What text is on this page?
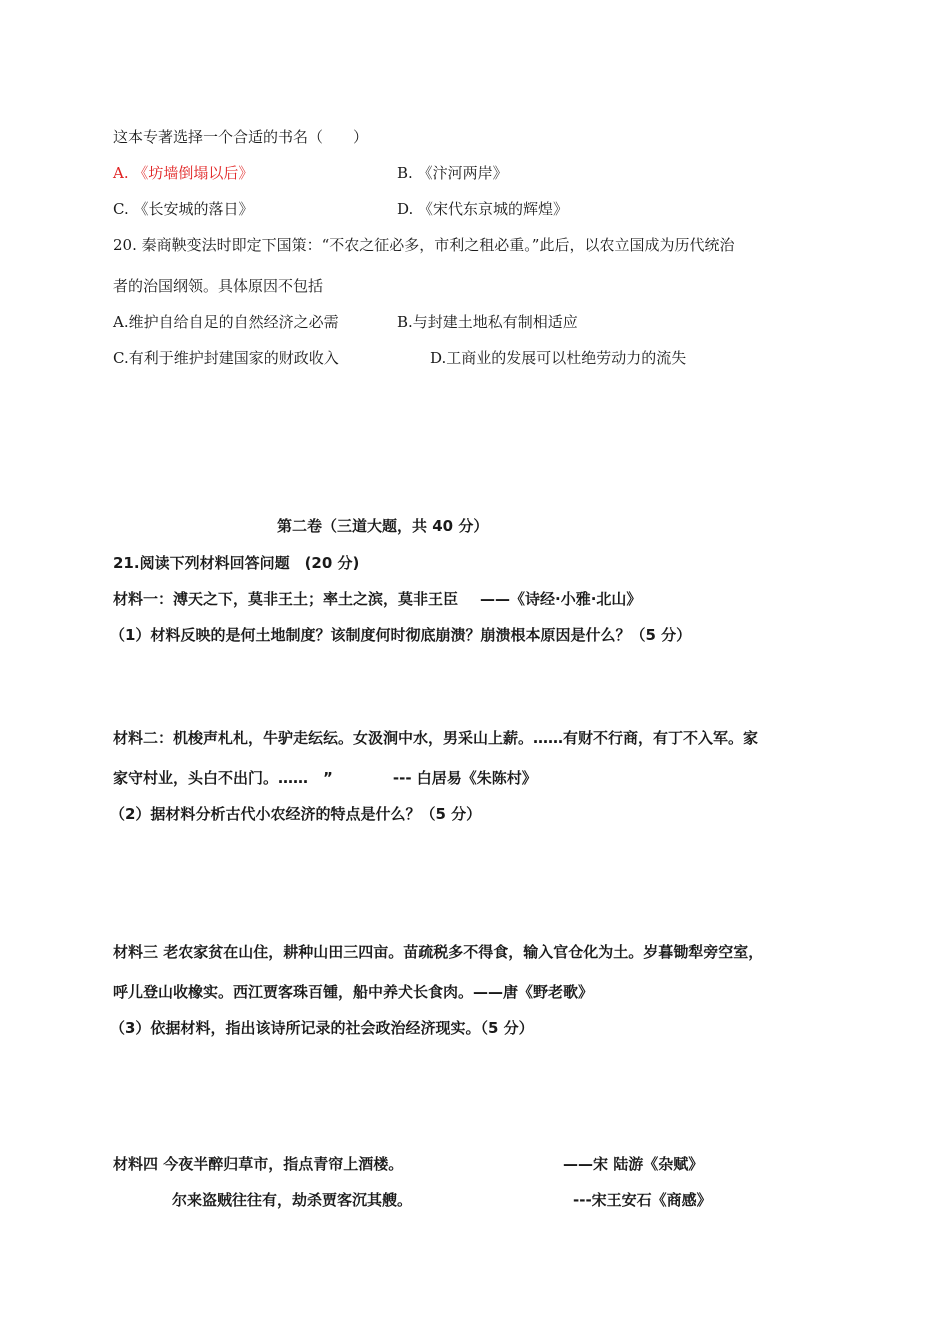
这本专著选择一个合适的书名（　　）
A. 《坊墙倒塌以后》	B. 《汴河两岸》
C. 《长安城的落日》	D. 《宋代东京城的辉煌》
20. 秦商鞅变法时即定下国策：“不农之征必多，市利之租必重。”此后，以农立国成为历代统治
者的治国纲领。具体原因不包括
A.维护自给自足的自然经济之必需	B.与封建土地私有制相适应
C.有利于维护封建国家的财政收入	D.工商业的发展可以杜绝劳动力的流失
第二卷（三道大题，共 40 分）
21.阅读下列材料回答问题　(20 分)
材料一：溥天之下，莫非王土；率土之滨，莫非王臣 ——《诗经·小雅·北山》
（1）材料反映的是何土地制度？该制度何时彻底崩溃？崩溃根本原因是什么？（5 分）
材料二：机梭声札札，牛驴走纭纭。女汲涧中水，男采山上薪。……有财不行商，有丁不入军。家
家守村业，头白不出门。……　”	--- 白居易《朱陈村》
（2）据材料分析古代小农经济的特点是什么？（5 分）
材料三 老农家贫在山住，耕种山田三四亩。苗疏税多不得食，输入官仓化为土。岁暮锄犁旁空室，
呼儿登山收橡实。西江贾客珠百锺，船中养犬长食肉。——唐《野老歌》
（3）依据材料，指出该诗所记录的社会政治经济现实。（5 分）
材料四 今夜半醉归草市，指点青帘上酒楼。	——宋 陆游《杂赋》
尔来盗贼往往有，劫杀贾客沉其艘。	---宋王安石《商感》
